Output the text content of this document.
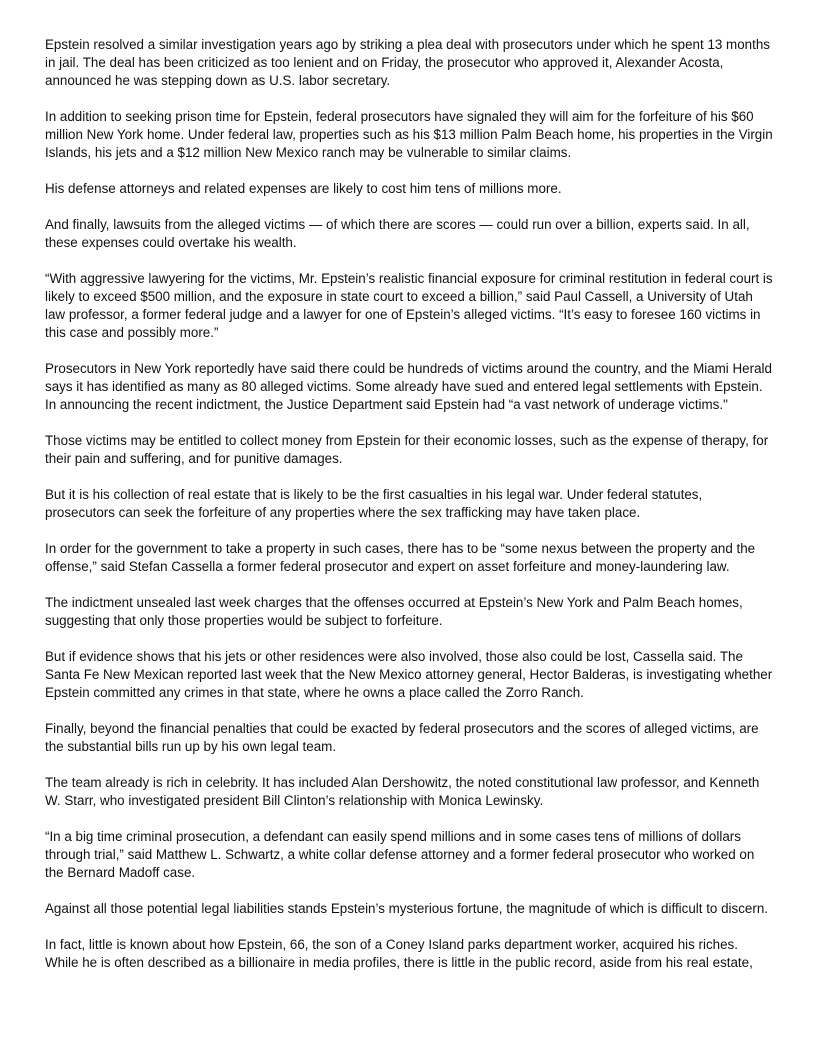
Epstein resolved a similar investigation years ago by striking a plea deal with prosecutors under which he spent 13 months in jail. The deal has been criticized as too lenient and on Friday, the prosecutor who approved it, Alexander Acosta, announced he was stepping down as U.S. labor secretary.

In addition to seeking prison time for Epstein, federal prosecutors have signaled they will aim for the forfeiture of his $60 million New York home. Under federal law, properties such as his $13 million Palm Beach home, his properties in the Virgin Islands, his jets and a $12 million New Mexico ranch may be vulnerable to similar claims.

His defense attorneys and related expenses are likely to cost him tens of millions more.

And finally, lawsuits from the alleged victims — of which there are scores — could run over a billion, experts said. In all, these expenses could overtake his wealth.

“With aggressive lawyering for the victims, Mr. Epstein’s realistic financial exposure for criminal restitution in federal court is likely to exceed $500 million, and the exposure in state court to exceed a billion,” said Paul Cassell, a University of Utah law professor, a former federal judge and a lawyer for one of Epstein’s alleged victims. “It’s easy to foresee 160 victims in this case and possibly more.”

Prosecutors in New York reportedly have said there could be hundreds of victims around the country, and the Miami Herald says it has identified as many as 80 alleged victims. Some already have sued and entered legal settlements with Epstein. In announcing the recent indictment, the Justice Department said Epstein had “a vast network of underage victims."

Those victims may be entitled to collect money from Epstein for their economic losses, such as the expense of therapy, for their pain and suffering, and for punitive damages.

But it is his collection of real estate that is likely to be the first casualties in his legal war. Under federal statutes, prosecutors can seek the forfeiture of any properties where the sex trafficking may have taken place.

In order for the government to take a property in such cases, there has to be “some nexus between the property and the offense,” said Stefan Cassella a former federal prosecutor and expert on asset forfeiture and money-laundering law.

The indictment unsealed last week charges that the offenses occurred at Epstein’s New York and Palm Beach homes, suggesting that only those properties would be subject to forfeiture.

But if evidence shows that his jets or other residences were also involved, those also could be lost, Cassella said. The Santa Fe New Mexican reported last week that the New Mexico attorney general, Hector Balderas, is investigating whether Epstein committed any crimes in that state, where he owns a place called the Zorro Ranch.

Finally, beyond the financial penalties that could be exacted by federal prosecutors and the scores of alleged victims, are the substantial bills run up by his own legal team.

The team already is rich in celebrity. It has included Alan Dershowitz, the noted constitutional law professor, and Kenneth W. Starr, who investigated president Bill Clinton’s relationship with Monica Lewinsky.

“In a big time criminal prosecution, a defendant can easily spend millions and in some cases tens of millions of dollars through trial,” said Matthew L. Schwartz, a white collar defense attorney and a former federal prosecutor who worked on the Bernard Madoff case.

Against all those potential legal liabilities stands Epstein’s mysterious fortune, the magnitude of which is difficult to discern.

In fact, little is known about how Epstein, 66, the son of a Coney Island parks department worker, acquired his riches. While he is often described as a billionaire in media profiles, there is little in the public record, aside from his real estate,
